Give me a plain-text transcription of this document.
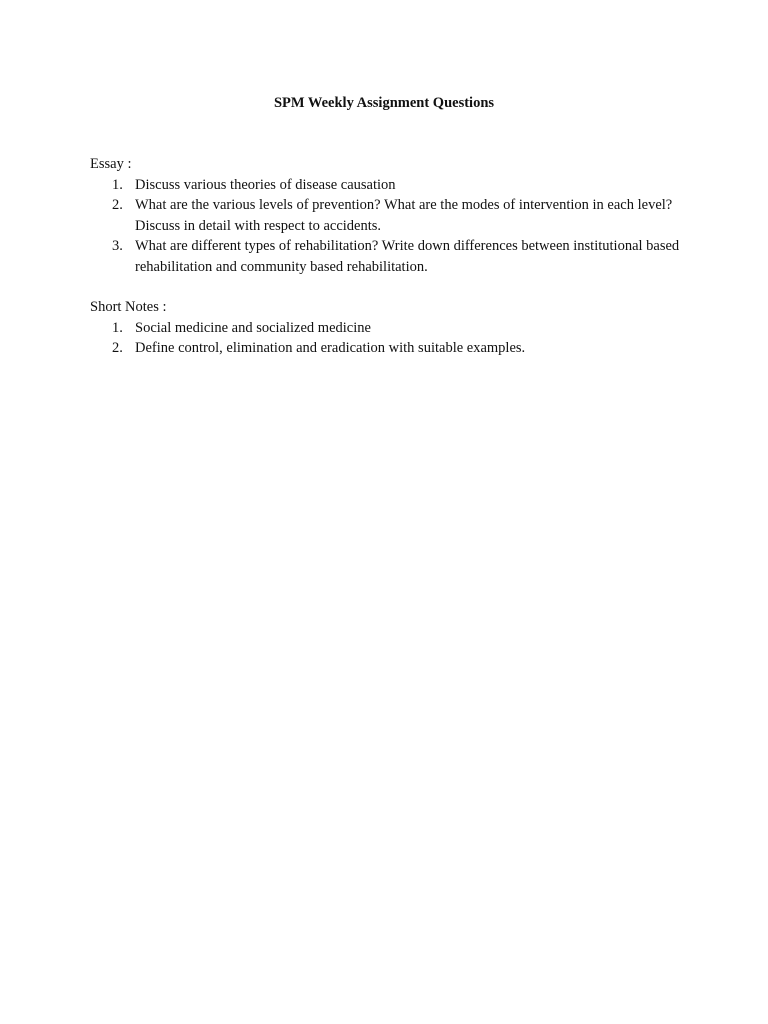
SPM Weekly Assignment Questions

Essay :

1. Discuss various theories of disease causation
2. What are the various levels of prevention? What are the modes of intervention in each level? Discuss in detail with respect to accidents.
3. What are different types of rehabilitation? Write down differences between institutional based rehabilitation and community based rehabilitation.

Short Notes :

1. Social medicine and socialized medicine
2. Define control, elimination and eradication with suitable examples.
